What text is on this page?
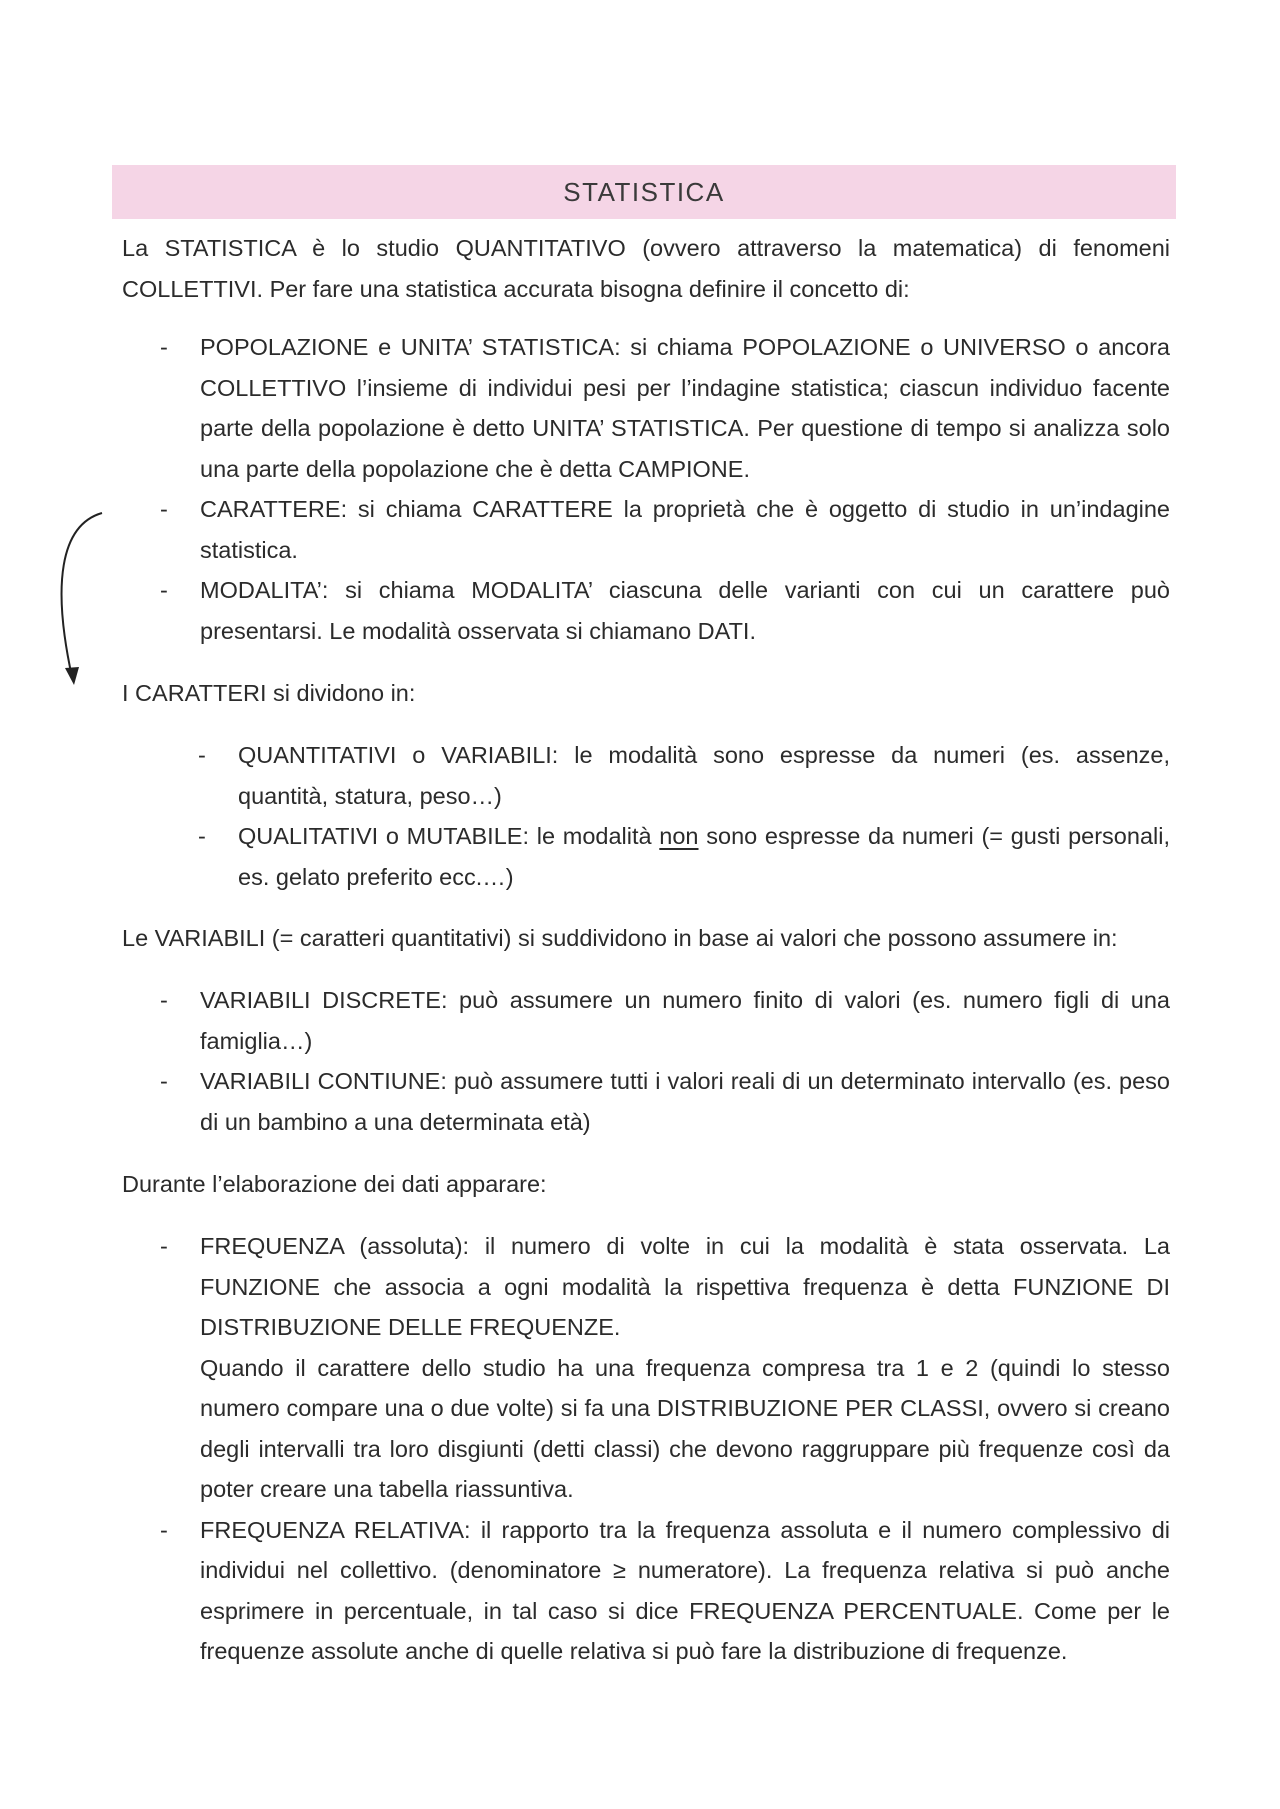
STATISTICA

La STATISTICA è lo studio QUANTITATIVO (ovvero attraverso la matematica) di fenomeni COLLETTIVI. Per fare una statistica accurata bisogna definire il concetto di:

- POPOLAZIONE e UNITA’ STATISTICA: si chiama POPOLAZIONE o UNIVERSO o ancora COLLETTIVO l’insieme di individui pesi per l’indagine statistica; ciascun individuo facente parte della popolazione è detto UNITA’ STATISTICA. Per questione di tempo si analizza solo una parte della popolazione che è detta CAMPIONE.
- CARATTERE: si chiama CARATTERE la proprietà che è oggetto di studio in un’indagine statistica.
- MODALITA’: si chiama MODALITA’ ciascuna delle varianti con cui un carattere può presentarsi. Le modalità osservata si chiamano DATI.

I CARATTERI si dividono in:

- QUANTITATIVI o VARIABILI: le modalità sono espresse da numeri (es. assenze, quantità, statura, peso…)
- QUALITATIVI o MUTABILE: le modalità non sono espresse da numeri (= gusti personali, es. gelato preferito ecc.…)

Le VARIABILI (= caratteri quantitativi) si suddividono in base ai valori che possono assumere in:

- VARIABILI DISCRETE: può assumere un numero finito di valori (es. numero figli di una famiglia…)
- VARIABILI CONTIUNE: può assumere tutti i valori reali di un determinato intervallo (es. peso di un bambino a una determinata età)

Durante l’elaborazione dei dati apparare:

- FREQUENZA (assoluta): il numero di volte in cui la modalità è stata osservata. La FUNZIONE che associa a ogni modalità la rispettiva frequenza è detta FUNZIONE DI DISTRIBUZIONE DELLE FREQUENZE.
Quando il carattere dello studio ha una frequenza compresa tra 1 e 2 (quindi lo stesso numero compare una o due volte) si fa una DISTRIBUZIONE PER CLASSI, ovvero si creano degli intervalli tra loro disgiunti (detti classi) che devono raggruppare più frequenze così da poter creare una tabella riassuntiva.
- FREQUENZA RELATIVA: il rapporto tra la frequenza assoluta e il numero complessivo di individui nel collettivo. (denominatore ≥ numeratore). La frequenza relativa si può anche esprimere in percentuale, in tal caso si dice FREQUENZA PERCENTUALE. Come per le frequenze assolute anche di quelle relativa si può fare la distribuzione di frequenze.
